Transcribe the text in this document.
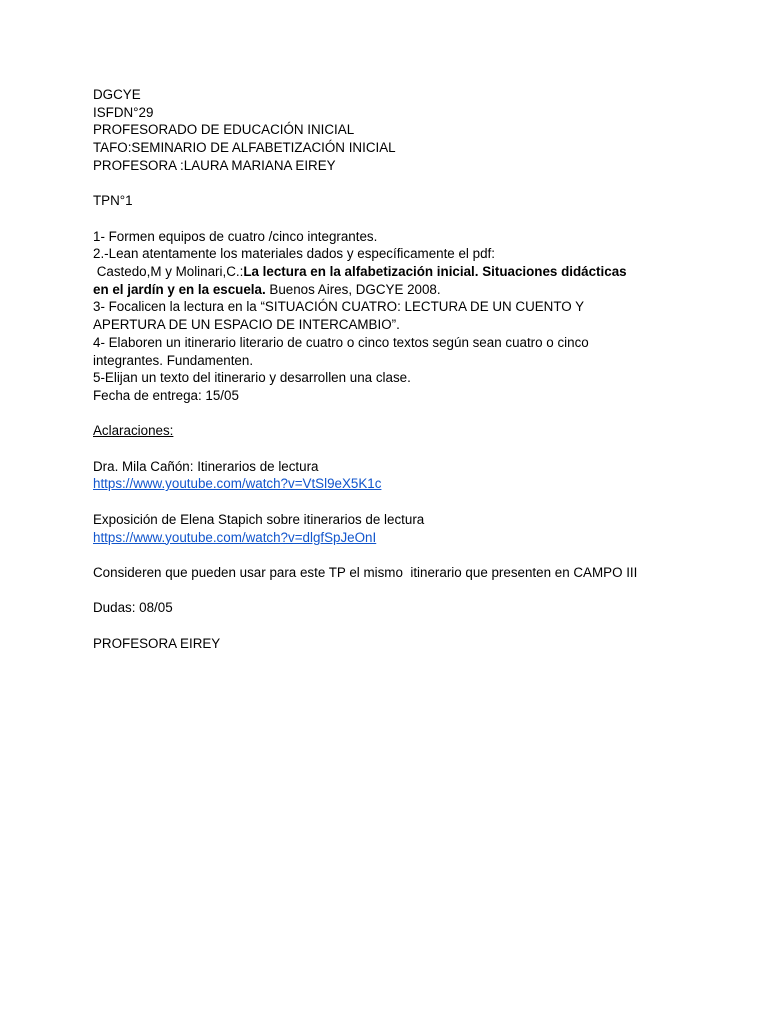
DGCYE
ISFDN°29
PROFESORADO DE EDUCACIÓN INICIAL
TAFO:SEMINARIO DE ALFABETIZACIÓN INICIAL
PROFESORA :LAURA MARIANA EIREY
TPN°1
1- Formen equipos de cuatro /cinco integrantes.
2.-Lean atentamente los materiales dados y específicamente el pdf:
Castedo,M y Molinari,C.:La lectura en la alfabetización inicial. Situaciones didácticas
en el jardín y en la escuela. Buenos Aires, DGCYE 2008.
3- Focalicen la lectura en la “SITUACIÓN CUATRO: LECTURA DE UN CUENTO Y
APERTURA DE UN ESPACIO DE INTERCAMBIO”.
4- Elaboren un itinerario literario de cuatro o cinco textos según sean cuatro o cinco
integrantes. Fundamenten.
5-Elijan un texto del itinerario y desarrollen una clase.
Fecha de entrega: 15/05
Aclaraciones:
Dra. Mila Cañón: Itinerarios de lectura
https://www.youtube.com/watch?v=VtSl9eX5K1c
Exposición de Elena Stapich sobre itinerarios de lectura
https://www.youtube.com/watch?v=dlgfSpJeOnI
Consideren que pueden usar para este TP el mismo  itinerario que presenten en CAMPO III
Dudas: 08/05
PROFESORA EIREY
